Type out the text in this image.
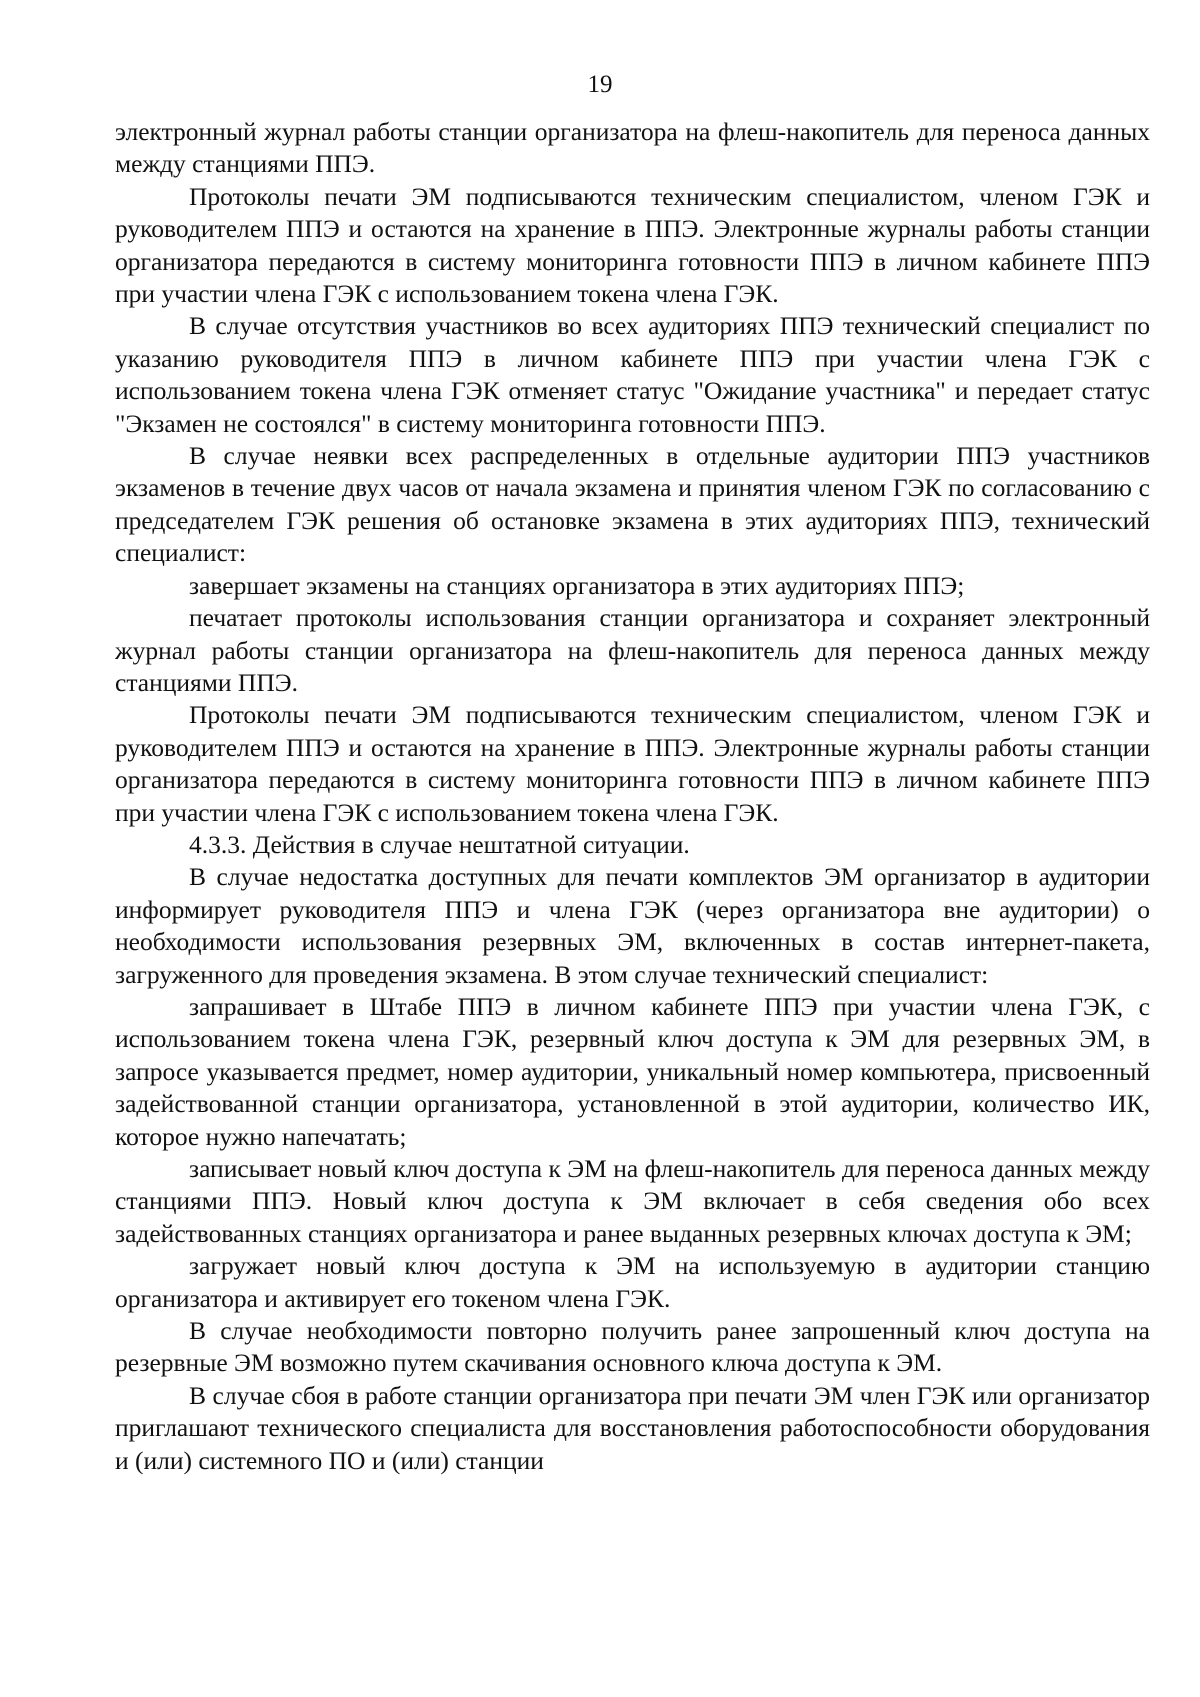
19

электронный журнал работы станции организатора на флеш-накопитель для переноса данных между станциями ППЭ.

Протоколы печати ЭМ подписываются техническим специалистом, членом ГЭК и руководителем ППЭ и остаются на хранение в ППЭ. Электронные журналы работы станции организатора передаются в систему мониторинга готовности ППЭ в личном кабинете ППЭ при участии члена ГЭК с использованием токена члена ГЭК.

В случае отсутствия участников во всех аудиториях ППЭ технический специалист по указанию руководителя ППЭ в личном кабинете ППЭ при участии члена ГЭК с использованием токена члена ГЭК отменяет статус "Ожидание участника" и передает статус "Экзамен не состоялся" в систему мониторинга готовности ППЭ.

В случае неявки всех распределенных в отдельные аудитории ППЭ участников экзаменов в течение двух часов от начала экзамена и принятия членом ГЭК по согласованию с председателем ГЭК решения об остановке экзамена в этих аудиториях ППЭ, технический специалист:

завершает экзамены на станциях организатора в этих аудиториях ППЭ;

печатает протоколы использования станции организатора и сохраняет электронный журнал работы станции организатора на флеш-накопитель для переноса данных между станциями ППЭ.

Протоколы печати ЭМ подписываются техническим специалистом, членом ГЭК и руководителем ППЭ и остаются на хранение в ППЭ. Электронные журналы работы станции организатора передаются в систему мониторинга готовности ППЭ в личном кабинете ППЭ при участии члена ГЭК с использованием токена члена ГЭК.

4.3.3. Действия в случае нештатной ситуации.

В случае недостатка доступных для печати комплектов ЭМ организатор в аудитории информирует руководителя ППЭ и члена ГЭК (через организатора вне аудитории) о необходимости использования резервных ЭМ, включенных в состав интернет-пакета, загруженного для проведения экзамена. В этом случае технический специалист:

запрашивает в Штабе ППЭ в личном кабинете ППЭ при участии члена ГЭК, с использованием токена члена ГЭК, резервный ключ доступа к ЭМ для резервных ЭМ, в запросе указывается предмет, номер аудитории, уникальный номер компьютера, присвоенный задействованной станции организатора, установленной в этой аудитории, количество ИК, которое нужно напечатать;

записывает новый ключ доступа к ЭМ на флеш-накопитель для переноса данных между станциями ППЭ. Новый ключ доступа к ЭМ включает в себя сведения обо всех задействованных станциях организатора и ранее выданных резервных ключах доступа к ЭМ;

загружает новый ключ доступа к ЭМ на используемую в аудитории станцию организатора и активирует его токеном члена ГЭК.

В случае необходимости повторно получить ранее запрошенный ключ доступа на резервные ЭМ возможно путем скачивания основного ключа доступа к ЭМ.

В случае сбоя в работе станции организатора при печати ЭМ член ГЭК или организатор приглашают технического специалиста для восстановления работоспособности оборудования и (или) системного ПО и (или) станции
